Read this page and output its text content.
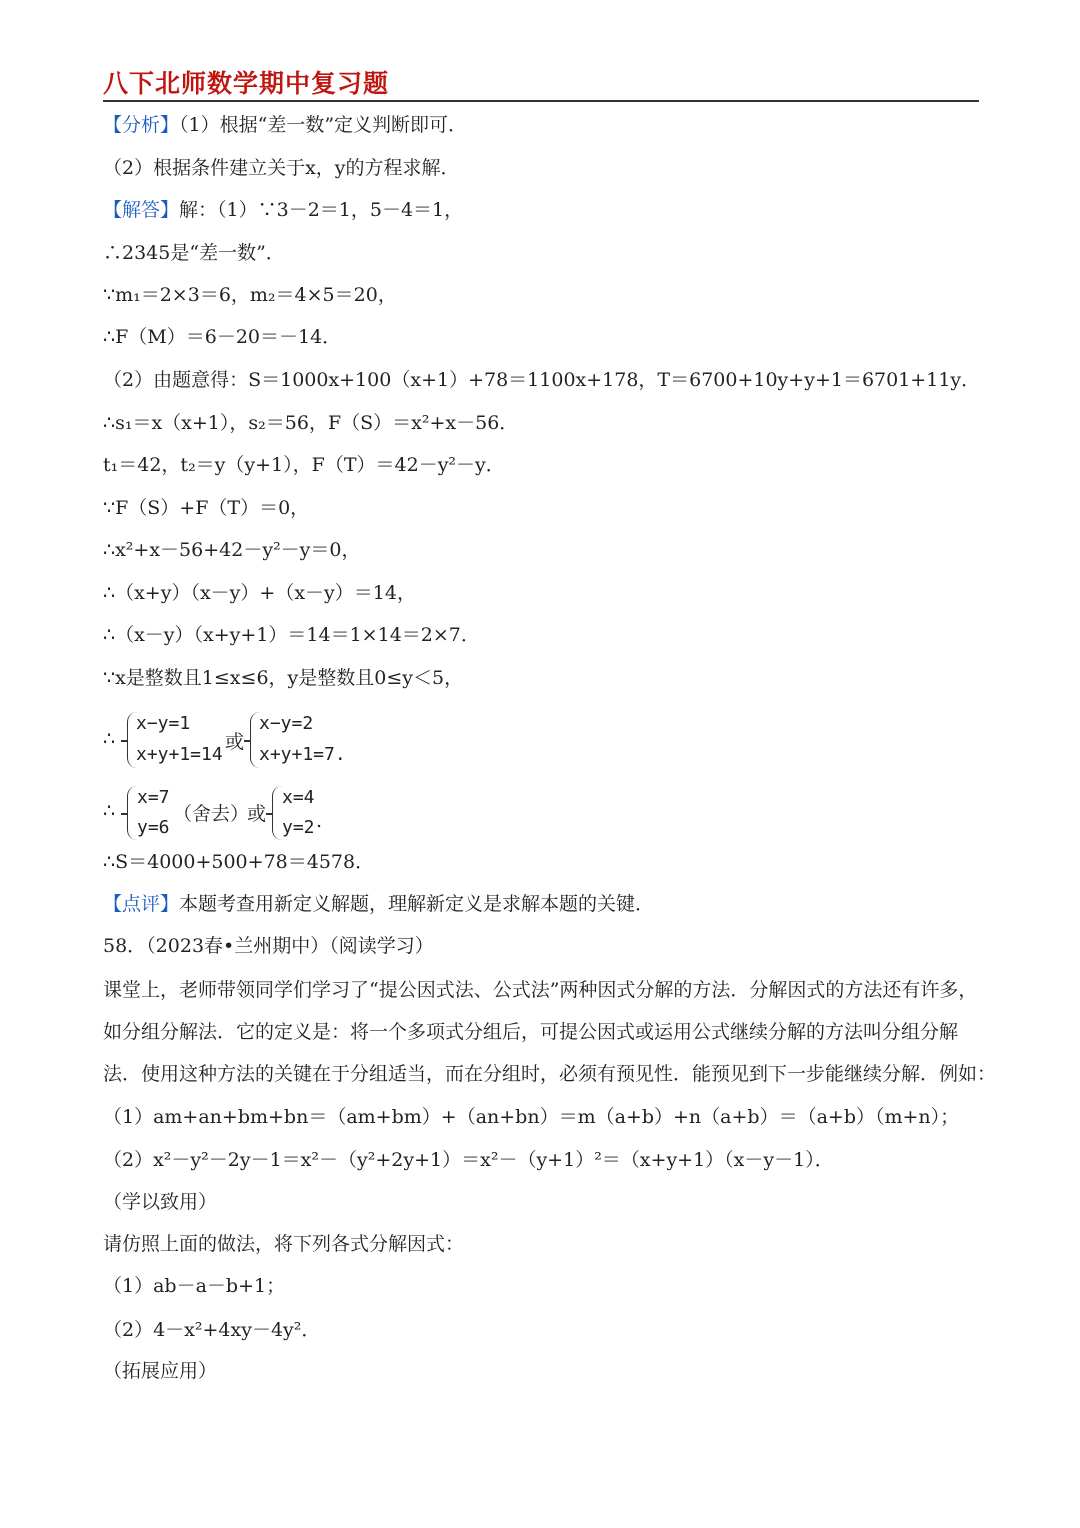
八下北师数学期中复习题
【分析】（1）根据“差一数”定义判断即可．
（2）根据条件建立关于x，y的方程求解．
【解答】解：（1）∵3－2＝1，5－4＝1，
∴2345是“差一数”．
∵m₁＝2×3＝6，m₂＝4×5＝20，
∴F（M）＝6－20＝－14．
（2）由题意得：S＝1000x+100（x+1）+78＝1100x+178，T＝6700+10y+y+1＝6701+11y．
∴s₁＝x（x+1），s₂＝56，F（S）＝x²+x－56．
t₁＝42，t₂＝y（y+1），F（T）＝42－y²－y．
∵F（S）+F（T）＝0，
∴x²+x－56+42－y²－y＝0，
∴（x+y）（x－y）+（x－y）＝14，
∴（x－y）（x+y+1）＝14＝1×14＝2×7．
∵x是整数且1≤x≤6，y是整数且0≤y＜5，
∴
x−y=1
x+y+1=14
或
x−y=2
x+y+1=7.
∴
x=7
y=6
（舍去）
或
x=4
y=2 .
∴S＝4000+500+78＝4578．
【点评】本题考查用新定义解题，理解新定义是求解本题的关键．
58．（2023春•兰州期中）（阅读学习）
课堂上，老师带领同学们学习了“提公因式法、公式法”两种因式分解的方法．分解因式的方法还有许多，
如分组分解法．它的定义是：将一个多项式分组后，可提公因式或运用公式继续分解的方法叫分组分解
法．使用这种方法的关键在于分组适当，而在分组时，必须有预见性．能预见到下一步能继续分解．例如：
（1）am+an+bm+bn＝（am+bm）+（an+bn）＝m（a+b）+n（a+b）＝（a+b）（m+n）；
（2）x²－y²－2y－1＝x²－（y²+2y+1）＝x²－（y+1）²＝（x+y+1）（x－y－1）．
（学以致用）
请仿照上面的做法，将下列各式分解因式：
（1）ab－a－b+1；
（2）4－x²+4xy－4y²．
（拓展应用）
